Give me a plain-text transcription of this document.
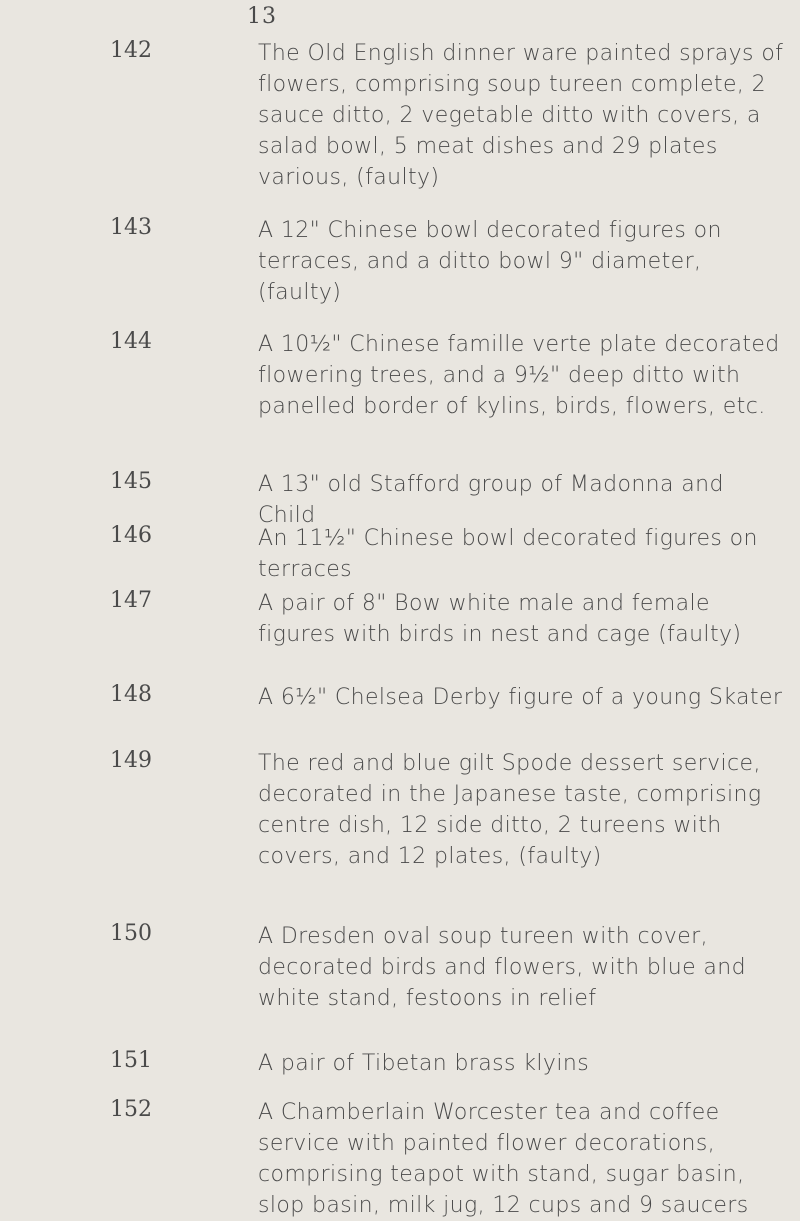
13
142	The Old English dinner ware painted sprays of flowers, comprising soup tureen complete, 2 sauce ditto, 2 vegetable ditto with covers, a salad bowl, 5 meat dishes and 29 plates various, (faulty)
143	A 12" Chinese bowl decorated figures on terraces, and a ditto bowl 9" diameter, (faulty)
144	A 10½" Chinese famille verte plate decorated flowering trees, and a 9½" deep ditto with panelled border of kylins, birds, flowers, etc.
145	A 13" old Stafford group of Madonna and Child
146	An 11½" Chinese bowl decorated figures on terraces
147	A pair of 8" Bow white male and female figures with birds in nest and cage (faulty)
148	A 6½" Chelsea Derby figure of a young Skater
149	The red and blue gilt Spode dessert service, decorated in the Japanese taste, comprising centre dish, 12 side ditto, 2 tureens with covers, and 12 plates, (faulty)
150	A Dresden oval soup tureen with cover, decorated birds and flowers, with blue and white stand, festoons in relief
151	A pair of Tibetan brass klyins
152	A Chamberlain Worcester tea and coffee service with painted flower decorations, comprising teapot with stand, sugar basin, slop basin, milk jug, 12 cups and 9 saucers
